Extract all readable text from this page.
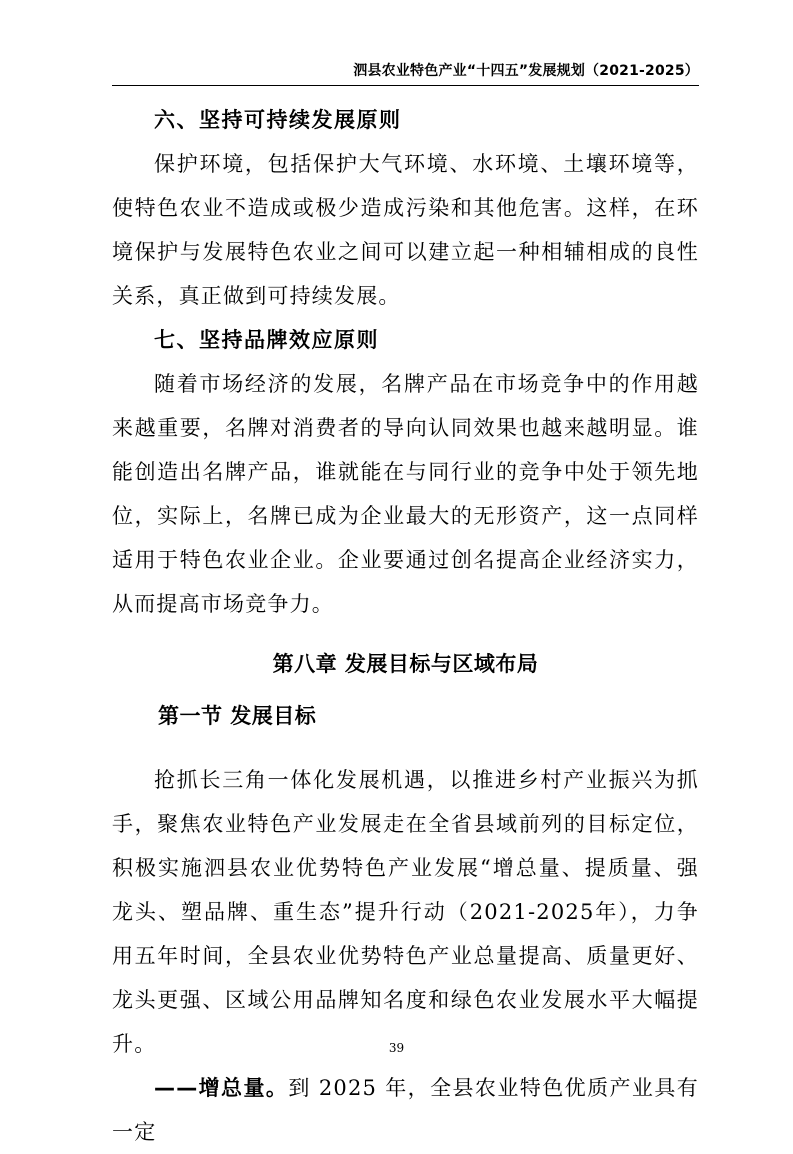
泗县农业特色产业“十四五”发展规划（2021-2025）

六、坚持可持续发展原则

保护环境，包括保护大气环境、水环境、土壤环境等，使特色农业不造成或极少造成污染和其他危害。这样，在环境保护与发展特色农业之间可以建立起一种相辅相成的良性关系，真正做到可持续发展。

七、坚持品牌效应原则

随着市场经济的发展，名牌产品在市场竞争中的作用越来越重要，名牌对消费者的导向认同效果也越来越明显。谁能创造出名牌产品，谁就能在与同行业的竞争中处于领先地位，实际上，名牌已成为企业最大的无形资产，这一点同样适用于特色农业企业。企业要通过创名提高企业经济实力，从而提高市场竞争力。

第八章 发展目标与区域布局
第一节 发展目标

抢抓长三角一体化发展机遇，以推进乡村产业振兴为抓手，聚焦农业特色产业发展走在全省县域前列的目标定位，积极实施泗县农业优势特色产业发展“增总量、提质量、强龙头、塑品牌、重生态”提升行动（2021-2025年），力争用五年时间，全县农业优势特色产业总量提高、质量更好、龙头更强、区域公用品牌知名度和绿色农业发展水平大幅提升。

——增总量。到 2025 年，全县农业特色优质产业具有一定

39
